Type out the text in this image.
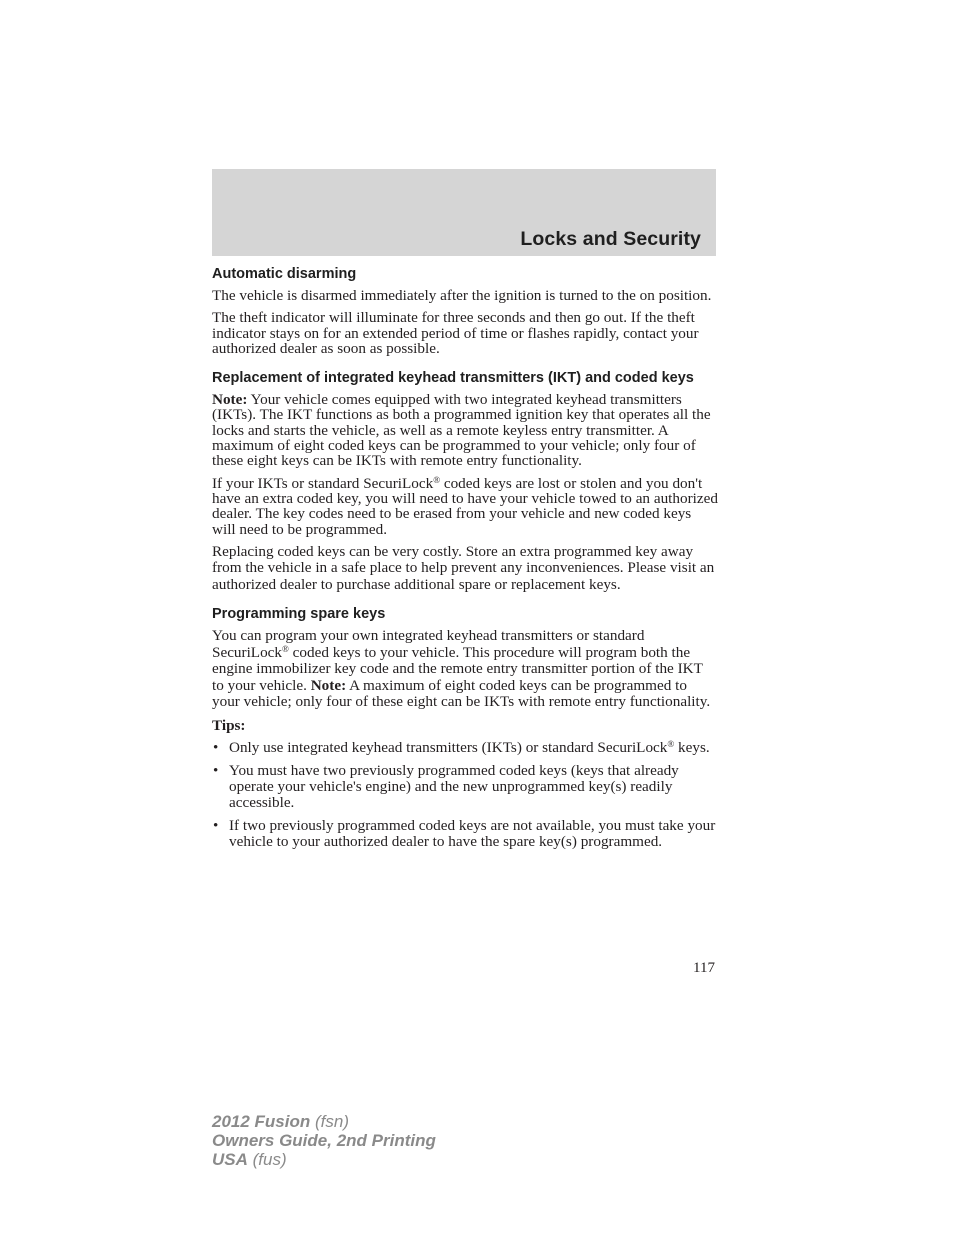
Locks and Security
Automatic disarming

The vehicle is disarmed immediately after the ignition is turned to the on position.

The theft indicator will illuminate for three seconds and then go out. If the theft indicator stays on for an extended period of time or flashes rapidly, contact your authorized dealer as soon as possible.

Replacement of integrated keyhead transmitters (IKT) and coded keys

Note: Your vehicle comes equipped with two integrated keyhead transmitters (IKTs). The IKT functions as both a programmed ignition key that operates all the locks and starts the vehicle, as well as a remote keyless entry transmitter. A maximum of eight coded keys can be programmed to your vehicle; only four of these eight keys can be IKTs with remote entry functionality.

If your IKTs or standard SecuriLock® coded keys are lost or stolen and you don't have an extra coded key, you will need to have your vehicle towed to an authorized dealer. The key codes need to be erased from your vehicle and new coded keys will need to be programmed.

Replacing coded keys can be very costly. Store an extra programmed key away from the vehicle in a safe place to help prevent any inconveniences. Please visit an authorized dealer to purchase additional spare or replacement keys.

Programming spare keys

You can program your own integrated keyhead transmitters or standard SecuriLock® coded keys to your vehicle. This procedure will program both the engine immobilizer key code and the remote entry transmitter portion of the IKT to your vehicle. Note: A maximum of eight coded keys can be programmed to your vehicle; only four of these eight can be IKTs with remote entry functionality.

Tips:

• Only use integrated keyhead transmitters (IKTs) or standard SecuriLock® keys.
• You must have two previously programmed coded keys (keys that already operate your vehicle's engine) and the new unprogrammed key(s) readily accessible.
• If two previously programmed coded keys are not available, you must take your vehicle to your authorized dealer to have the spare key(s) programmed.
117
2012 Fusion (fsn)
Owners Guide, 2nd Printing
USA (fus)
